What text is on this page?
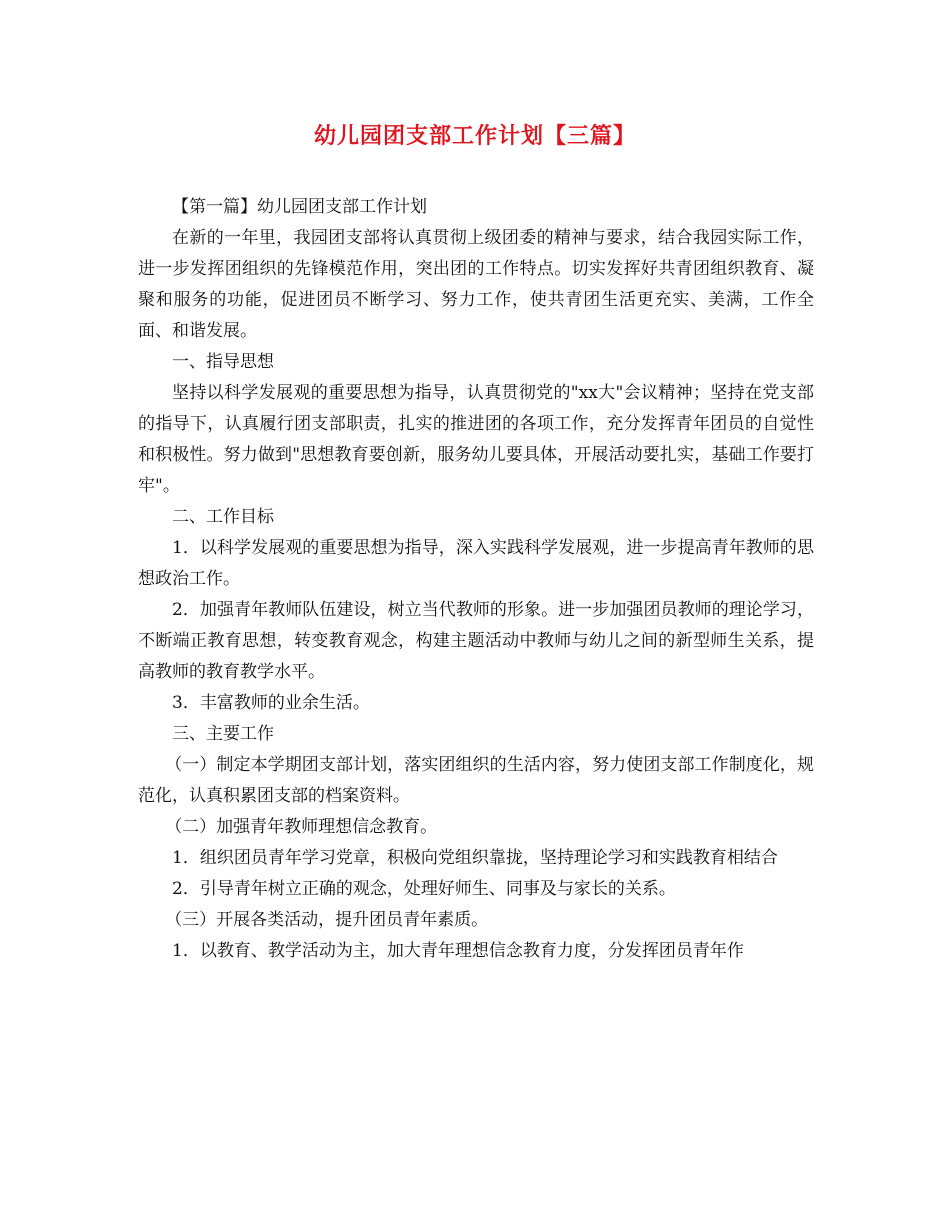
幼儿园团支部工作计划【三篇】

【第一篇】幼儿园团支部工作计划

在新的一年里，我园团支部将认真贯彻上级团委的精神与要求，结合我园实际工作，进一步发挥团组织的先锋模范作用，突出团的工作特点。切实发挥好共青团组织教育、凝聚和服务的功能，促进团员不断学习、努力工作，使共青团生活更充实、美满，工作全面、和谐发展。

一、指导思想

坚持以科学发展观的重要思想为指导，认真贯彻党的"xx大"会议精神；坚持在党支部的指导下，认真履行团支部职责，扎实的推进团的各项工作，充分发挥青年团员的自觉性和积极性。努力做到"思想教育要创新，服务幼儿要具体，开展活动要扎实，基础工作要打牢"。

二、工作目标

1．以科学发展观的重要思想为指导，深入实践科学发展观，进一步提高青年教师的思想政治工作。

2．加强青年教师队伍建设，树立当代教师的形象。进一步加强团员教师的理论学习，不断端正教育思想，转变教育观念，构建主题活动中教师与幼儿之间的新型师生关系，提高教师的教育教学水平。

3．丰富教师的业余生活。

三、主要工作

（一）制定本学期团支部计划，落实团组织的生活内容，努力使团支部工作制度化，规范化，认真积累团支部的档案资料。

（二）加强青年教师理想信念教育。

1．组织团员青年学习党章，积极向党组织靠拢，坚持理论学习和实践教育相结合

2．引导青年树立正确的观念，处理好师生、同事及与家长的关系。

（三）开展各类活动，提升团员青年素质。

1．以教育、教学活动为主，加大青年理想信念教育力度，分发挥团员青年作
